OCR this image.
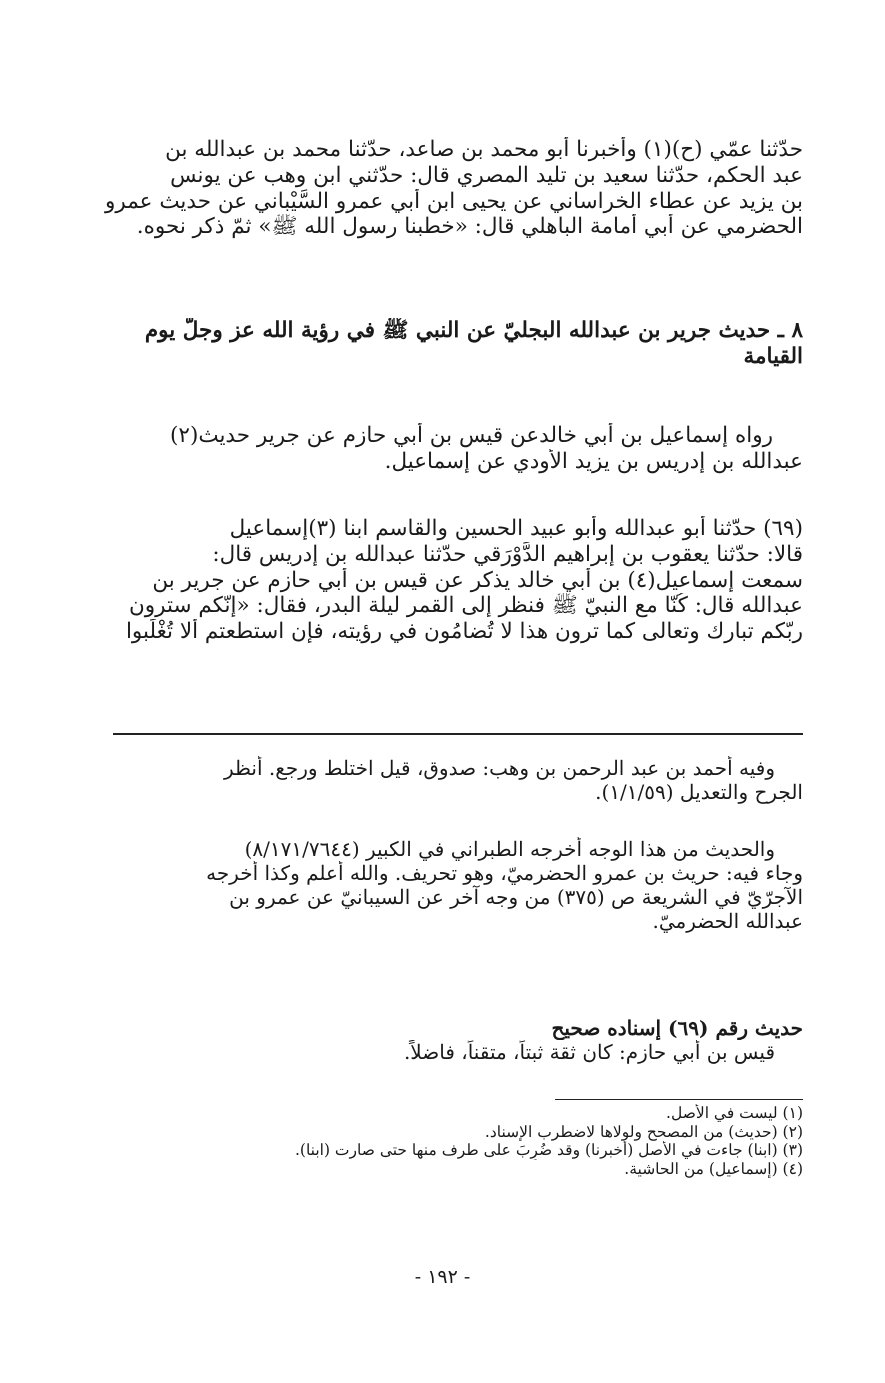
حدّثنا عمّي (ح)(١) وأخبرنا أبو محمد بن صاعد، حدّثنا محمد بن عبدالله بن
عبد الحكم، حدّثنا سعيد بن تليد المصري قال: حدّثني ابن وهب عن يونس
بن يزيد عن عطاء الخراساني عن يحيى ابن أبي عمرو السَّيْباني عن حديث عمرو
الحضرمي عن أبي أمامة الباهلي قال: «خطبنا رسول الله ﷺ» ثمّ ذكر نحوه.
٨ ـ حديث جرير بن عبدالله البجليّ عن النبي ﷺ في رؤية الله عز وجلّ يوم
القيامة
رواه إسماعيل بن أبي خالدعن قيس بن أبي حازم عن جرير حديث(٢)
عبدالله بن إدريس بن يزيد الأودي عن إسماعيل.
(٦٩) حدّثنا أبو عبدالله وأبو عبيد الحسين والقاسم ابنا (٣)إسماعيل
قالا: حدّثنا يعقوب بن إبراهيم الدَّوْرَقي حدّثنا عبدالله بن إدريس قال:
سمعت إسماعيل(٤) بن أبي خالد يذكر عن قيس بن أبي حازم عن جرير بن
عبدالله قال: كُنّا مع النبيّ ﷺ فنظر إلى القمر ليلة البدر، فقال: «إنّكم سترون
ربّكم تبارك وتعالى كما ترون هذا لا تُضامُون في رؤيته، فإن استطعتم ألا تُغْلَبوا
وفيه أحمد بن عبد الرحمن بن وهب: صدوق، قيل اختلط ورجع. أنظر
الجرح والتعديل (١/١/٥٩).
والحديث من هذا الوجه أخرجه الطبراني في الكبير (٨/١٧١/٧٦٤٤)
وجاء فيه: حريث بن عمرو الحضرميّ، وهو تحريف. والله أعلم وكذا أخرجه
الآجرّيّ في الشريعة ص (٣٧٥) من وجه آخر عن السيبانيّ عن عمرو بن
عبدالله الحضرميّ.
حديث رقم (٦٩) إسناده صحيح
قيس بن أبي حازم: كان ثقة ثبتاً، متقناً، فاضلاً.
(١) ليست في الأصل.
(٢) (حديث) من المصحح ولولاها لاضطرب الإسناد.
(٣) (ابنا) جاءت في الأصل (أخبرنا) وقد ضُرِبَ على طرف منها حتى صارت (ابنا).
(٤) (إسماعيل) من الحاشية.
- ١٩٢ -
